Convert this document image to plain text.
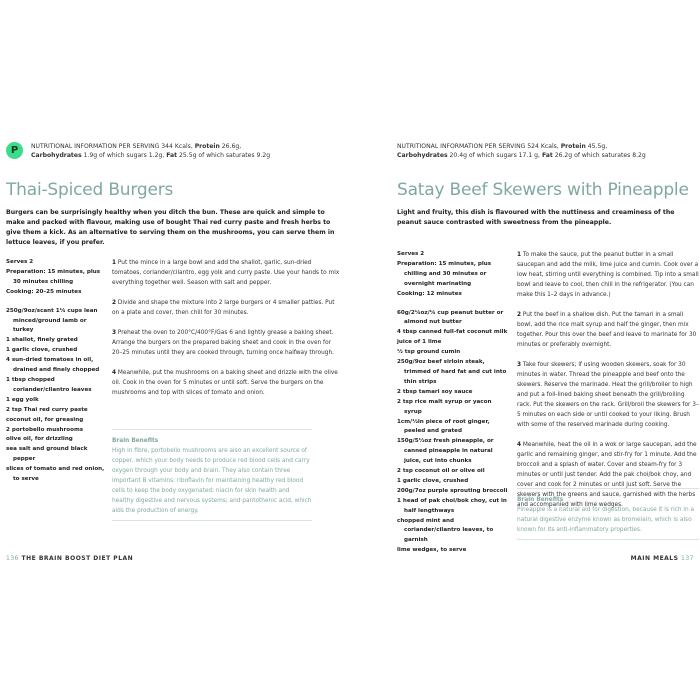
P NUTRITIONAL INFORMATION PER SERVING 344 Kcals, Protein 26.6g,
Carbohydrates 1.9g of which sugars 1.2g, Fat 25.5g of which saturates 9.2g
Thai-Spiced Burgers
Burgers can be surprisingly healthy when you ditch the bun. These are quick and simple to make and packed with flavour, making use of bought Thai red curry paste and fresh herbs to give them a kick. As an alternative to serving them on the mushrooms, you can serve them in lettuce leaves, if you prefer.
Serves 2
Preparation: 15 minutes, plus 30 minutes chilling
Cooking: 20–25 minutes
250g/9oz/scant 1¼ cups lean minced/ground lamb or turkey
1 shallot, finely grated
1 garlic clove, crushed
4 sun-dried tomatoes in oil, drained and finely chopped
1 tbsp chopped coriander/cilantro leaves
1 egg yolk
2 tsp Thai red curry paste
coconut oil, for greasing
2 portobello mushrooms
olive oil, for drizzling
sea salt and ground black pepper
slices of tomato and red onion, to serve
1 Put the mince in a large bowl and add the shallot, garlic, sun-dried tomatoes, coriander/cilantro, egg yolk and curry paste. Use your hands to mix everything together well. Season with salt and pepper.
2 Divide and shape the mixture into 2 large burgers or 4 smaller patties. Put on a plate and cover, then chill for 30 minutes.
3 Preheat the oven to 200°C/400°F/Gas 6 and lightly grease a baking sheet. Arrange the burgers on the prepared baking sheet and cook in the oven for 20–25 minutes until they are cooked through, turning once halfway through.
4 Meanwhile, put the mushrooms on a baking sheet and drizzle with the olive oil. Cook in the oven for 5 minutes or until soft. Serve the burgers on the mushrooms and top with slices of tomato and onion.
Brain Benefits
High in fibre, portobello mushrooms are also an excellent source of copper, which your body needs to produce red blood cells and carry oxygen through your body and brain. They also contain three important B vitamins: riboflavin for maintaining healthy red blood cells to keep the body oxygenated; niacin for skin health and healthy digestive and nervous systems; and pantothenic acid, which aids the production of energy.
136 THE BRAIN BOOST DIET PLAN
NUTRITIONAL INFORMATION PER SERVING 524 Kcals, Protein 45.5g,
Carbohydrates 20.4g of which sugars 17.1 g, Fat 26.2g of which saturates 8.2g
Satay Beef Skewers with Pineapple
Light and fruity, this dish is flavoured with the nuttiness and creaminess of the peanut sauce contrasted with sweetness from the pineapple.
Serves 2
Preparation: 15 minutes, plus chilling and 30 minutes or overnight marinating
Cooking: 12 minutes
60g/2¼oz/¼ cup peanut butter or almond nut butter
4 tbsp canned full-fat coconut milk
juice of 1 lime
½ tsp ground cumin
250g/9oz beef sirloin steak, trimmed of hard fat and cut into thin strips
2 tbsp tamari soy sauce
2 tsp rice malt syrup or yacon syrup
1cm/½in piece of root ginger, peeled and grated
150g/5½oz fresh pineapple, or canned pineapple in natural juice, cut into chunks
2 tsp coconut oil or olive oil
1 garlic clove, crushed
200g/7oz purple sprouting broccoli
1 head of pak choi/bok choy, cut in half lengthways
chopped mint and coriander/cilantro leaves, to garnish
lime wedges, to serve
1 To make the sauce, put the peanut butter in a small saucepan and add the milk, lime juice and cumin. Cook over a low heat, stirring until everything is combined. Tip into a small bowl and leave to cool, then chill in the refrigerator. (You can make this 1–2 days in advance.)
2 Put the beef in a shallow dish. Put the tamari in a small bowl, add the rice malt syrup and half the ginger, then mix together. Pour this over the beef and leave to marinate for 30 minutes or preferably overnight.
3 Take four skewers; if using wooden skewers, soak for 30 minutes in water. Thread the pineapple and beef onto the skewers. Reserve the marinade. Heat the grill/broiler to high and put a foil-lined baking sheet beneath the grill/broiling rack. Put the skewers on the rack. Grill/broil the skewers for 3–5 minutes on each side or until cooked to your liking. Brush with some of the reserved marinade during cooking.
4 Meanwhile, heat the oil in a wok or large saucepan, add the garlic and remaining ginger, and stir-fry for 1 minute. Add the broccoli and a splash of water. Cover and steam-fry for 3 minutes or until just tender. Add the pak choi/bok choy, and cover and cook for 2 minutes or until just soft. Serve the skewers with the greens and sauce, garnished with the herbs and accompanied with lime wedges.
Brain Benefits
Pineapple is a natural aid for digestion, because it is rich in a natural digestive enzyme known as bromelain, which is also known for its anti-inflammatory properties.
MAIN MEALS 137
